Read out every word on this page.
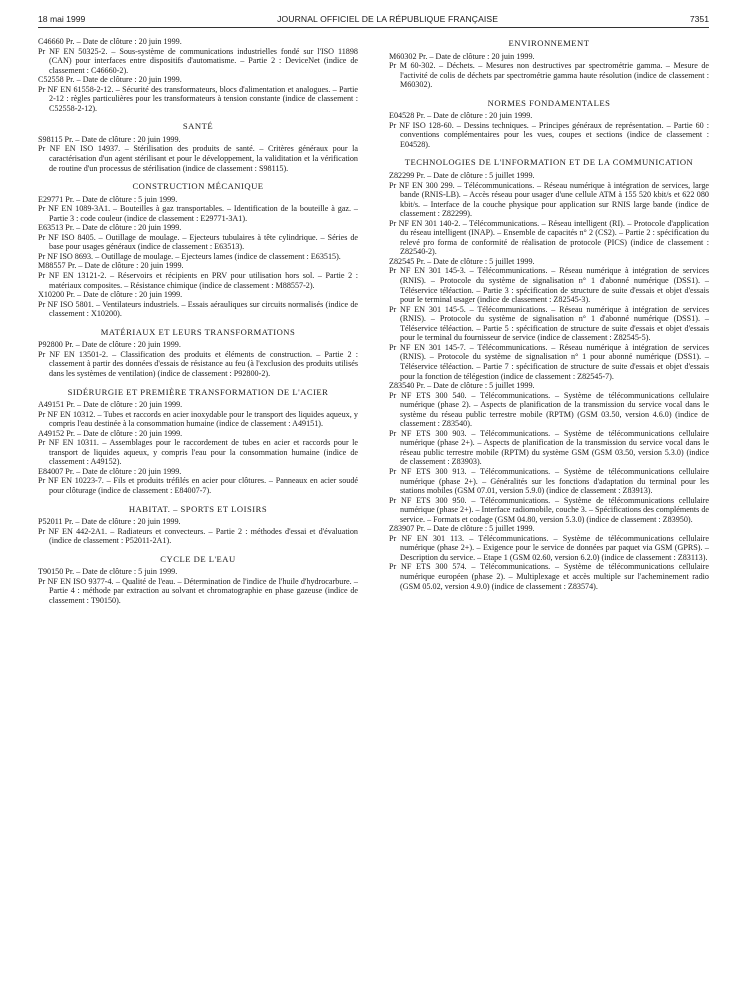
18 mai 1999	JOURNAL OFFICIEL DE LA RÉPUBLIQUE FRANÇAISE	7351

C46660 Pr. – Date de clôture : 20 juin 1999.

Pr NF EN 50325-2. – Sous-système de communications industrielles fondé sur l'ISO 11898 (CAN) pour interfaces entre dispositifs d'automatisme. – Partie 2 : DeviceNet (indice de classement : C46660-2).

C52558 Pr. – Date de clôture : 20 juin 1999.

Pr NF EN 61558-2-12. – Sécurité des transformateurs, blocs d'alimentation et analogues. – Partie 2-12 : règles particulières pour les transformateurs à tension constante (indice de classement : C52558-2-12).

SANTÉ

S98115 Pr. – Date de clôture : 20 juin 1999.

Pr NF EN ISO 14937. – Stérilisation des produits de santé. – Critères généraux pour la caractérisation d'un agent stérilisant et pour le développement, la validitation et la vérification de routine d'un processus de stérilisation (indice de classement : S98115).

CONSTRUCTION MÉCANIQUE

E29771 Pr. – Date de clôture : 5 juin 1999.

Pr NF EN 1089-3A1. – Bouteilles à gaz transportables. – Identification de la bouteille à gaz. – Partie 3 : code couleur (indice de classement : E29771-3A1).

E63513 Pr. – Date de clôture : 20 juin 1999.

Pr NF ISO 8405. – Outillage de moulage. – Ejecteurs tubulaires à tête cylindrique. – Séries de base pour usages généraux (indice de classement : E63513).

Pr NF ISO 8693. – Outillage de moulage. – Ejecteurs lames (indice de classement : E63515).

M88557 Pr. – Date de clôture : 20 juin 1999.

Pr NF EN 13121-2. – Réservoirs et récipients en PRV pour utilisation hors sol. – Partie 2 : matériaux composites. – Résistance chimique (indice de classement : M88557-2).

X10200 Pr. – Date de clôture : 20 juin 1999.

Pr NF ISO 5801. – Ventilateurs industriels. – Essais aérauliques sur circuits normalisés (indice de classement : X10200).

MATÉRIAUX ET LEURS TRANSFORMATIONS

P92800 Pr. – Date de clôture : 20 juin 1999.

Pr NF EN 13501-2. – Classification des produits et éléments de construction. – Partie 2 : classement à partir des données d'essais de résistance au feu (à l'exclusion des produits utilisés dans les systèmes de ventilation) (indice de classement : P92800-2).

SIDÉRURGIE ET PREMIÈRE TRANSFORMATION DE L'ACIER

A49151 Pr. – Date de clôture : 20 juin 1999.

Pr NF EN 10312. – Tubes et raccords en acier inoxydable pour le transport des liquides aqueux, y compris l'eau destinée à la consommation humaine (indice de classement : A49151).

A49152 Pr. – Date de clôture : 20 juin 1999.

Pr NF EN 10311. – Assemblages pour le raccordement de tubes en acier et raccords pour le transport de liquides aqueux, y compris l'eau pour la consommation humaine (indice de classement : A49152).

E84007 Pr. – Date de clôture : 20 juin 1999.

Pr NF EN 10223-7. – Fils et produits tréfilés en acier pour clôtures. – Panneaux en acier soudé pour clôturage (indice de classement : E84007-7).

HABITAT. – SPORTS ET LOISIRS

P52011 Pr. – Date de clôture : 20 juin 1999.

Pr NF EN 442-2A1. – Radiateurs et convecteurs. – Partie 2 : méthodes d'essai et d'évaluation (indice de classement : P52011-2A1).

CYCLE DE L'EAU

T90150 Pr. – Date de clôture : 5 juin 1999.

Pr NF EN ISO 9377-4. – Qualité de l'eau. – Détermination de l'indice de l'huile d'hydrocarbure. – Partie 4 : méthode par extraction au solvant et chromatographie en phase gazeuse (indice de classement : T90150).

ENVIRONNEMENT

M60302 Pr. – Date de clôture : 20 juin 1999.

Pr M 60-302. – Déchets. – Mesures non destructives par spectrométrie gamma. – Mesure de l'activité de colis de déchets par spectrométrie gamma haute résolution (indice de classement : M60302).

NORMES FONDAMENTALES

E04528 Pr. – Date de clôture : 20 juin 1999.

Pr NF ISO 128-60. – Dessins techniques. – Principes généraux de représentation. – Partie 60 : conventions complémentaires pour les vues, coupes et sections (indice de classement : E04528).

TECHNOLOGIES DE L'INFORMATION ET DE LA COMMUNICATION

Z82299 Pr. – Date de clôture : 5 juillet 1999.

Pr NF EN 300 299. – Télécommunications. – Réseau numérique à intégration de services, large bande (RNIS-LB). – Accès réseau pour usager d'une cellule ATM à 155 520 kbit/s et 622 080 kbit/s. – Interface de la couche physique pour application sur RNIS large bande (indice de classement : Z82299).

Pr NF EN 301 140-2. – Télécommunications. – Réseau intelligent (RI). – Protocole d'application du réseau intelligent (INAP). – Ensemble de capacités n° 2 (CS2). – Partie 2 : spécification du relevé pro forma de conformité de réalisation de protocole (PICS) (indice de classement : Z82540-2).

Z82545 Pr. – Date de clôture : 5 juillet 1999.

Pr NF EN 301 145-3. – Télécommunications. – Réseau numérique à intégration de services (RNIS). – Protocole du système de signalisation n° 1 d'abonné numérique (DSS1). – Téléservice téléaction. – Partie 3 : spécification de structure de suite d'essais et objet d'essais pour le terminal usager (indice de classement : Z82545-3).

Pr NF EN 301 145-5. – Télécommunications. – Réseau numérique à intégration de services (RNIS). – Protocole du système de signalisation n° 1 d'abonné numérique (DSS1). – Téléservice téléaction. – Partie 5 : spécification de structure de suite d'essais et objet d'essais pour le terminal du fournisseur de service (indice de classement : Z82545-5).

Pr NF EN 301 145-7. – Télécommunications. – Réseau numérique à intégration de services (RNIS). – Protocole du système de signalisation n° 1 pour abonné numérique (DSS1). – Téléservice téléaction. – Partie 7 : spécification de structure de suite d'essais et objet d'essais pour la fonction de télégestion (indice de classement : Z82545-7).

Z83540 Pr. – Date de clôture : 5 juillet 1999.

Pr NF ETS 300 540. – Télécommunications. – Système de télécommunications cellulaire numérique (phase 2). – Aspects de planification de la transmission du service vocal dans le système du réseau public terrestre mobile (RPTM) (GSM 03.50, version 4.6.0) (indice de classement : Z83540).

Pr NF ETS 300 903. – Télécommunications. – Système de télécommunications cellulaire numérique (phase 2+). – Aspects de planification de la transmission du service vocal dans le réseau public terrestre mobile (RPTM) du système GSM (GSM 03.50, version 5.3.0) (indice de classement : Z83903).

Pr NF ETS 300 913. – Télécommunications. – Système de télécommunications cellulaire numérique (phase 2+). – Généralités sur les fonctions d'adaptation du terminal pour les stations mobiles (GSM 07.01, version 5.9.0) (indice de classement : Z83913).

Pr NF ETS 300 950. – Télécommunications. – Système de télécommunications cellulaire numérique (phase 2+). – Interface radiomobile, couche 3. – Spécifications des compléments de service. – Formats et codage (GSM 04.80, version 5.3.0) (indice de classement : Z83950).

Z83907 Pr. – Date de clôture : 5 juillet 1999.

Pr NF EN 301 113. – Télécommunications. – Système de télécommunications cellulaire numérique (phase 2+). – Exigence pour le service de données par paquet via GSM (GPRS). – Description du service. – Etape 1 (GSM 02.60, version 6.2.0) (indice de classement : Z83113).

Pr NF ETS 300 574. – Télécommunications. – Système de télécommunications cellulaire numérique européen (phase 2). – Multiplexage et accès multiple sur l'acheminement radio (GSM 05.02, version 4.9.0) (indice de classement : Z83574).
